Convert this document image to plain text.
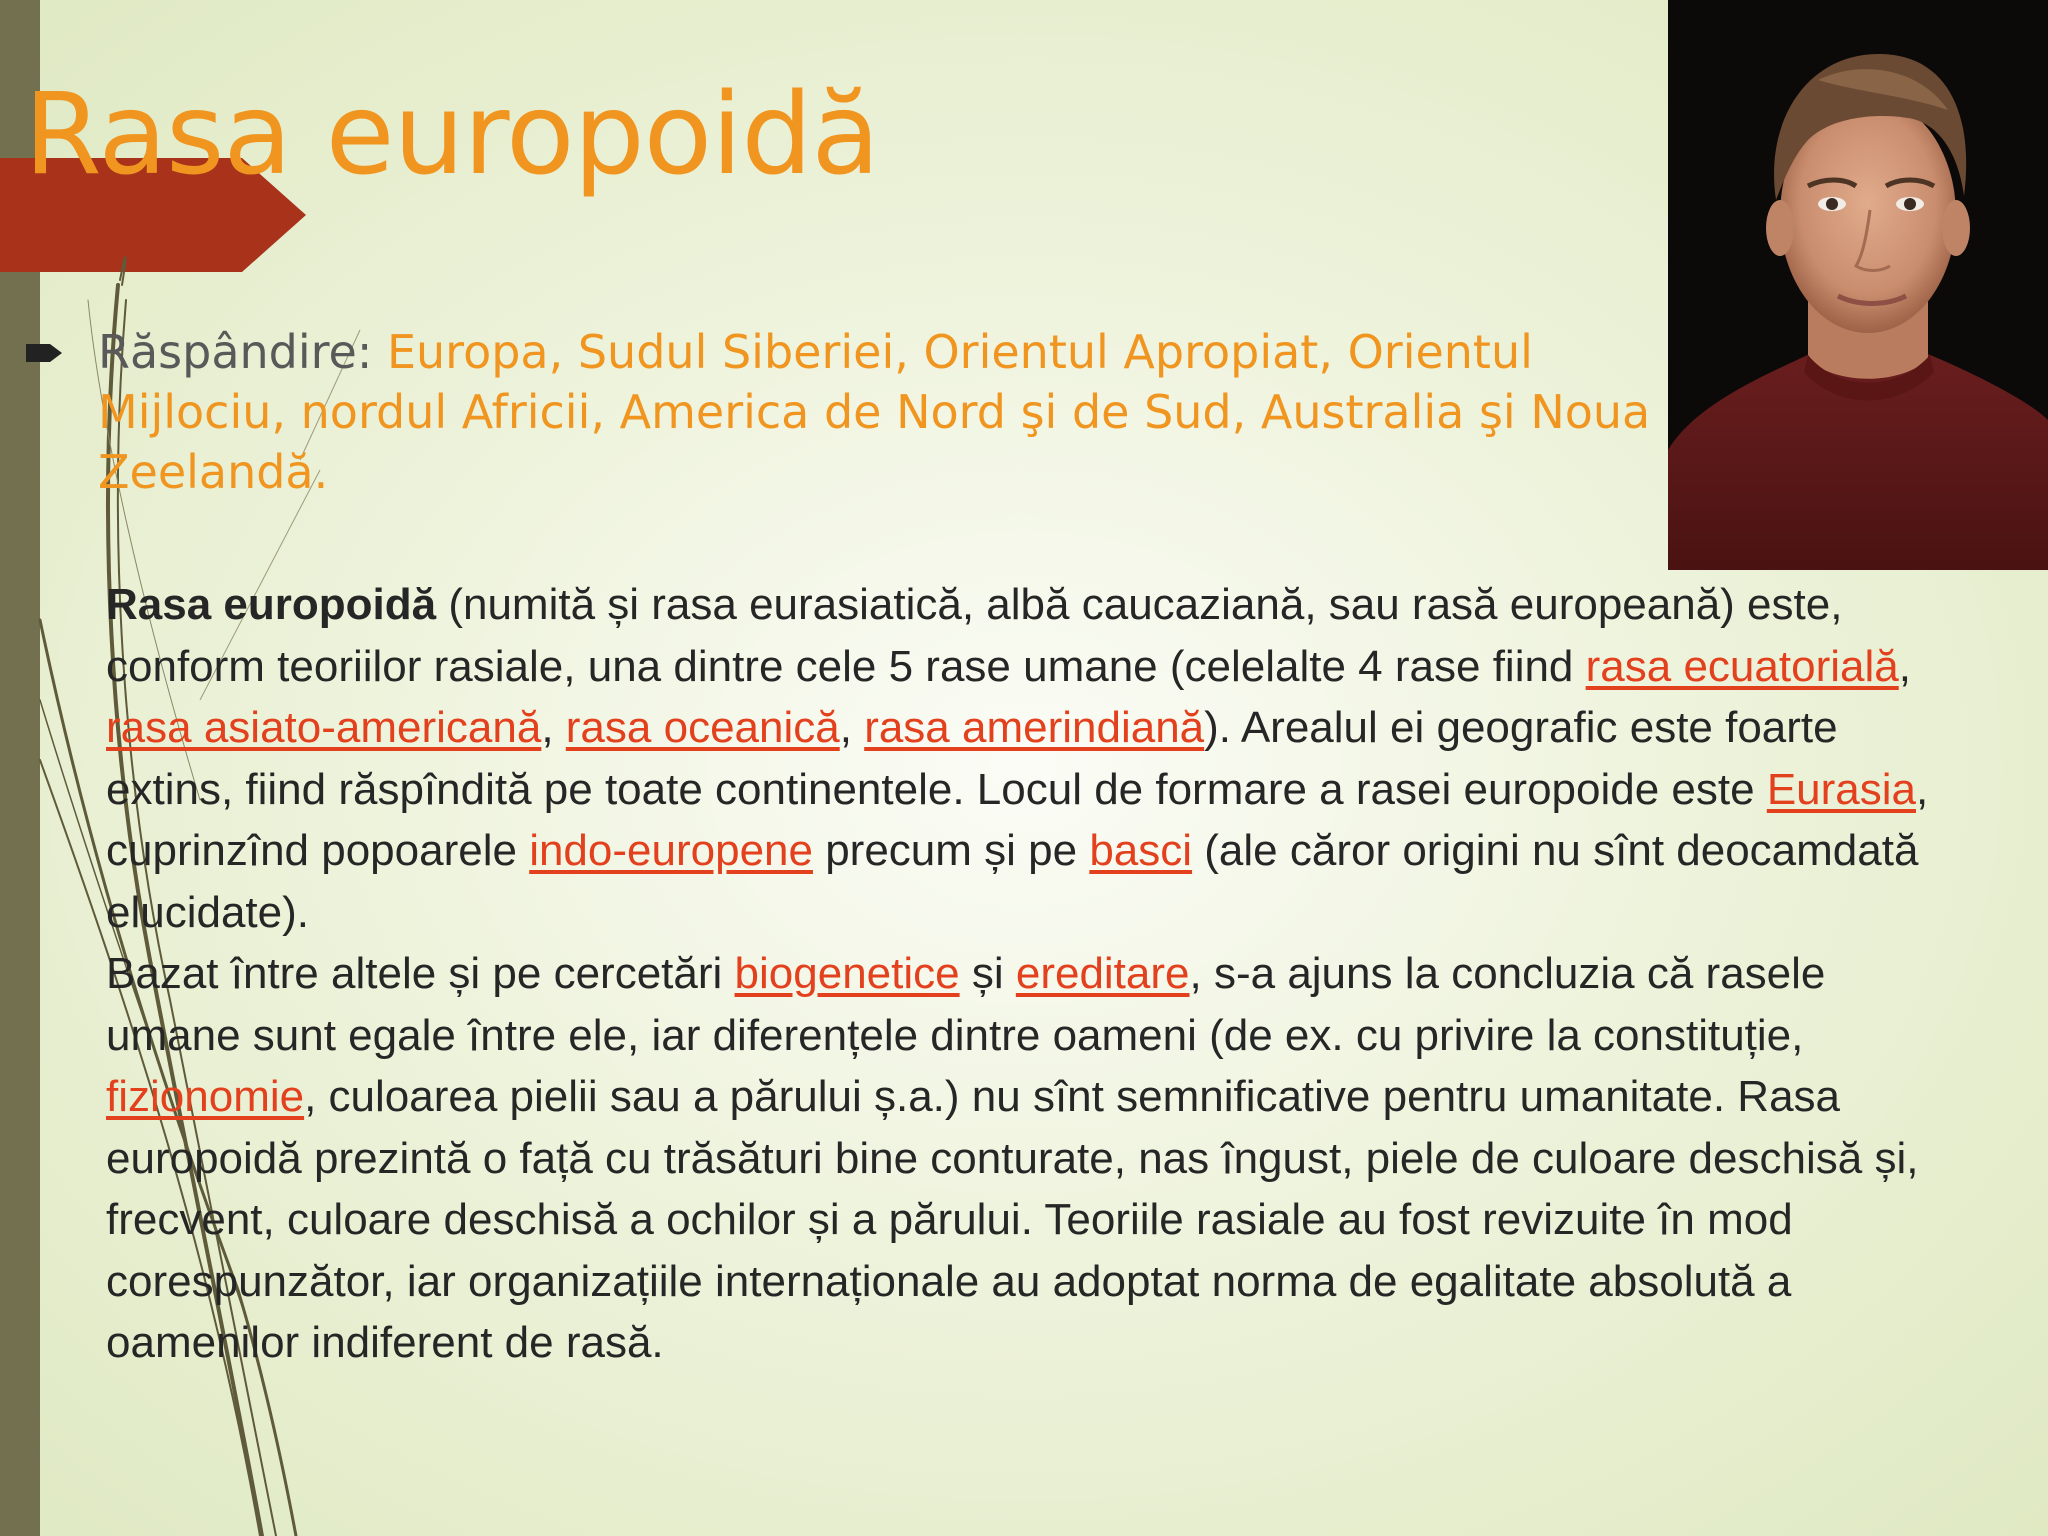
Rasa europoidă

Răspândire: Europa, Sudul Siberiei, Orientul Apropiat, Orientul Mijlociu, nordul Africii, America de Nord şi de Sud, Australia şi Noua Zeelandă.

Rasa europoidă (numită și rasa eurasiatică, albă caucaziană, sau rasă europeană) este, conform teoriilor rasiale, una dintre cele 5 rase umane (celelalte 4 rase fiind rasa ecuatorială, rasa asiato-americană, rasa oceanică, rasa amerindiană). Arealul ei geografic este foarte extins, fiind răspîndită pe toate continentele. Locul de formare a rasei europoide este Eurasia, cuprinzînd popoarele indo-europene precum și pe basci (ale căror origini nu sînt deocamdată elucidate).
Bazat între altele și pe cercetări biogenetice și ereditare, s-a ajuns la concluzia că rasele umane sunt egale între ele, iar diferențele dintre oameni (de ex. cu privire la constituție, fizionomie, culoarea pielii sau a părului ș.a.) nu sînt semnificative pentru umanitate. Rasa europoidă prezintă o față cu trăsături bine conturate, nas îngust, piele de culoare deschisă și, frecvent, culoare deschisă a ochilor și a părului. Teoriile rasiale au fost revizuite în mod corespunzător, iar organizațiile internaționale au adoptat norma de egalitate absolută a oamenilor indiferent de rasă.
